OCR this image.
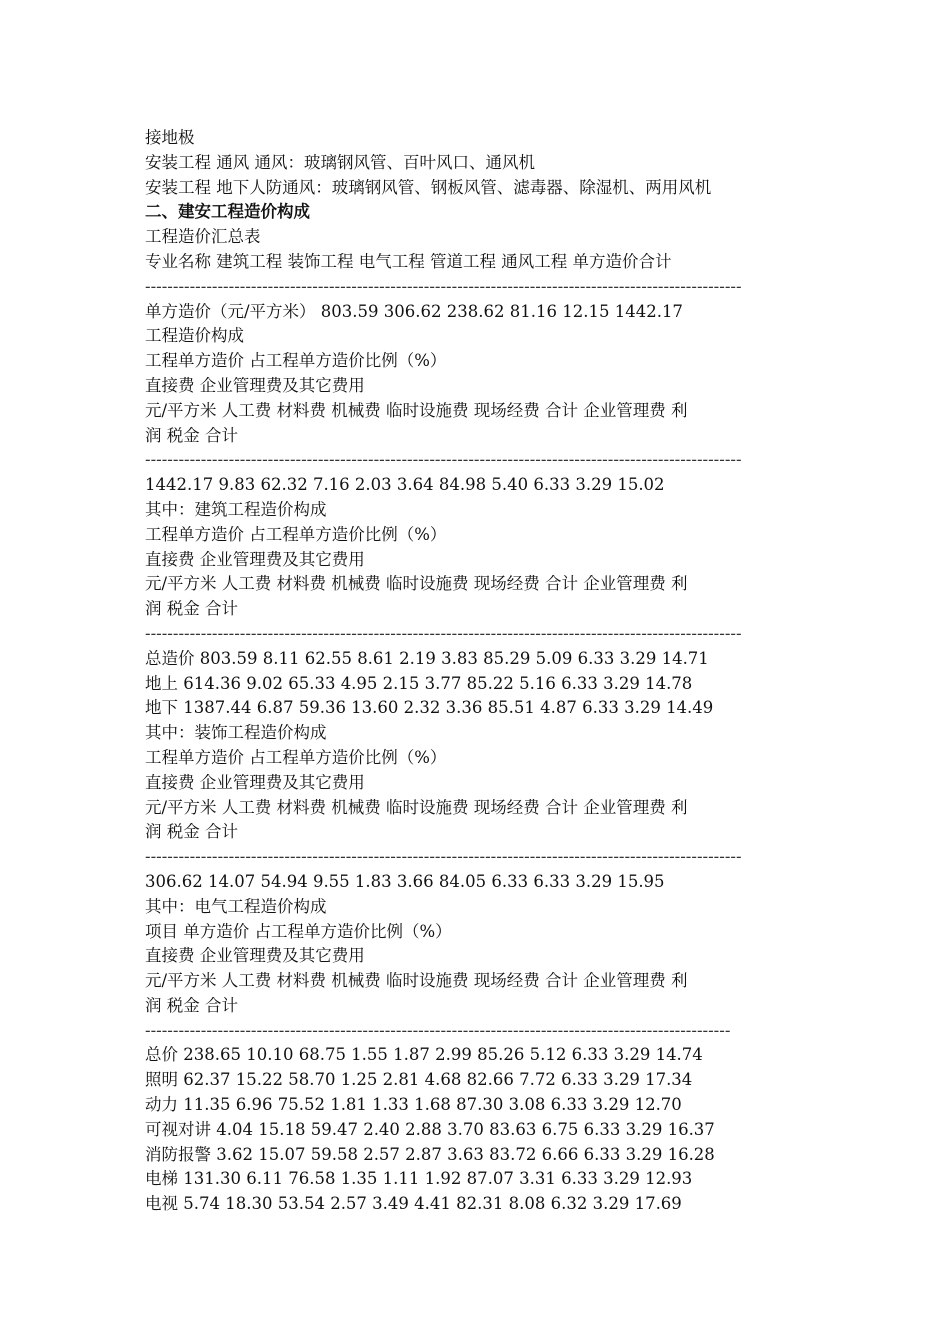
接地极
安装工程 通风 通风：玻璃钢风管、百叶风口、通风机
安装工程 地下人防通风：玻璃钢风管、钢板风管、滤毒器、除湿机、两用风机
二、建安工程造价构成
工程造价汇总表
专业名称 建筑工程 装饰工程 电气工程 管道工程 通风工程 单方造价合计
-----------------------------------------------------------------------------------------------------------
单方造价（元/平方米） 803.59 306.62 238.62 81.16 12.15 1442.17
工程造价构成
工程单方造价 占工程单方造价比例（%）
直接费 企业管理费及其它费用
元/平方米 人工费 材料费 机械费 临时设施费 现场经费 合计 企业管理费 利
润 税金 合计
-----------------------------------------------------------------------------------------------------------
1442.17 9.83 62.32 7.16 2.03 3.64 84.98 5.40 6.33 3.29 15.02
其中：建筑工程造价构成
工程单方造价 占工程单方造价比例（%）
直接费 企业管理费及其它费用
元/平方米 人工费 材料费 机械费 临时设施费 现场经费 合计 企业管理费 利
润 税金 合计
-----------------------------------------------------------------------------------------------------------
总造价 803.59 8.11 62.55 8.61 2.19 3.83 85.29 5.09 6.33 3.29 14.71
地上 614.36 9.02 65.33 4.95 2.15 3.77 85.22 5.16 6.33 3.29 14.78
地下 1387.44 6.87 59.36 13.60 2.32 3.36 85.51 4.87 6.33 3.29 14.49
其中：装饰工程造价构成
工程单方造价 占工程单方造价比例（%）
直接费 企业管理费及其它费用
元/平方米 人工费 材料费 机械费 临时设施费 现场经费 合计 企业管理费 利
润 税金 合计
-----------------------------------------------------------------------------------------------------------
306.62 14.07 54.94 9.55 1.83 3.66 84.05 6.33 6.33 3.29 15.95
其中：电气工程造价构成
项目 单方造价 占工程单方造价比例（%）
直接费 企业管理费及其它费用
元/平方米 人工费 材料费 机械费 临时设施费 现场经费 合计 企业管理费 利
润 税金 合计
---------------------------------------------------------------------------------------------------------
总价 238.65 10.10 68.75 1.55 1.87 2.99 85.26 5.12 6.33 3.29 14.74
照明 62.37 15.22 58.70 1.25 2.81 4.68 82.66 7.72 6.33 3.29 17.34
动力 11.35 6.96 75.52 1.81 1.33 1.68 87.30 3.08 6.33 3.29 12.70
可视对讲 4.04 15.18 59.47 2.40 2.88 3.70 83.63 6.75 6.33 3.29 16.37
消防报警 3.62 15.07 59.58 2.57 2.87 3.63 83.72 6.66 6.33 3.29 16.28
电梯 131.30 6.11 76.58 1.35 1.11 1.92 87.07 3.31 6.33 3.29 12.93
电视 5.74 18.30 53.54 2.57 3.49 4.41 82.31 8.08 6.32 3.29 17.69
